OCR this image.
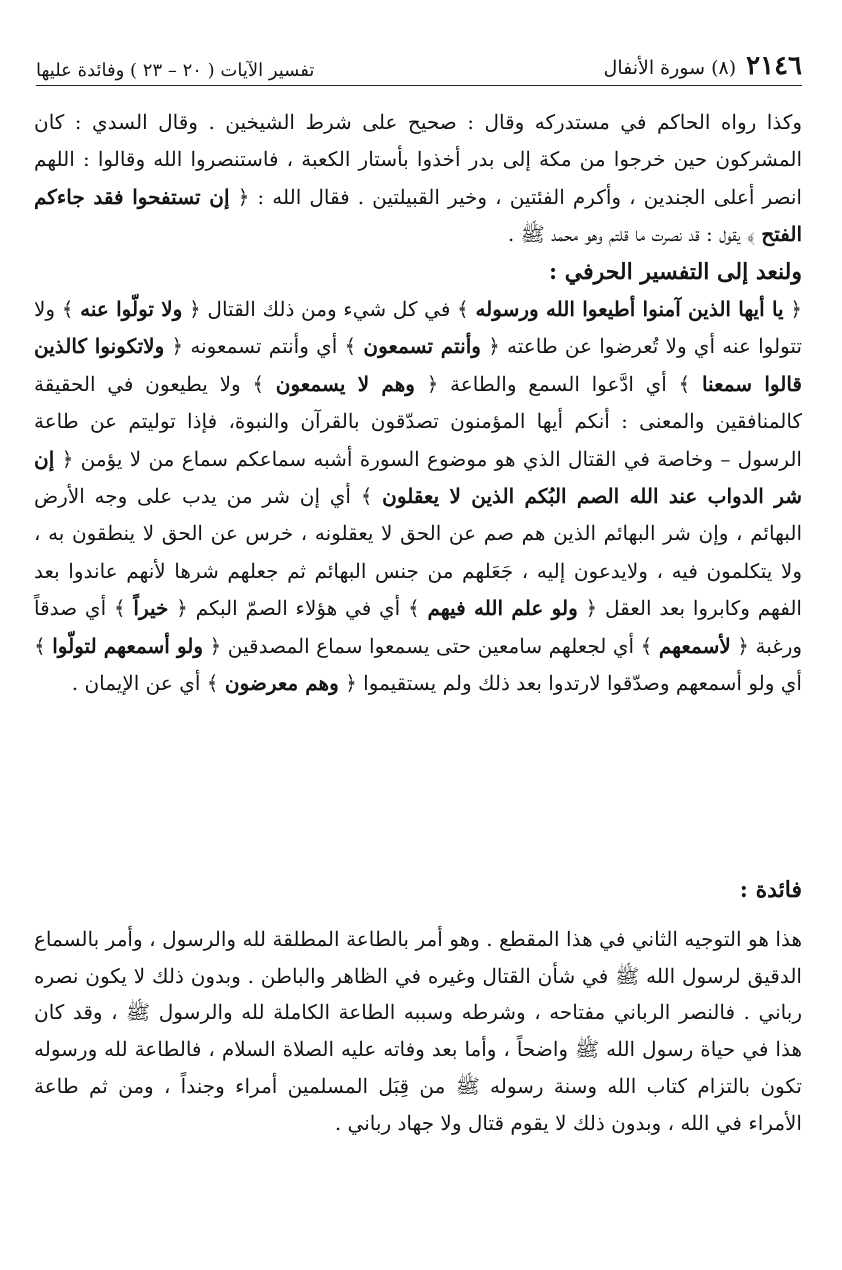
٢١٤٦
(٨) سورة الأنفال
تفسير الآيات ( ٢٠ – ٢٣ ) وفائدة عليها

وكذا رواه الحاكم في مستدركه وقال : صحيح على شرط الشيخين . وقال السدي : كان المشركون حين خرجوا من مكة إلى بدر أخذوا بأستار الكعبة ، فاستنصروا الله وقالوا : اللهم انصر أعلى الجندين ، وأكرم الفئتين ، وخير القبيلتين . فقال الله : ﴿ إن تستفحوا فقد جاءكم الفتح ﴾ يقول : قد نصرت ما قلتم وهو محمد ﷺ .

ولنعد إلى التفسير الحرفي :

﴿ يا أيها الذين آمنوا أطيعوا الله ورسوله ﴾ في كل شيء ومن ذلك القتال ﴿ ولا تولّوا عنه ﴾ ولا تتولوا عنه أي ولا تُعرضوا عن طاعته ﴿ وأنتم تسمعون ﴾ أي وأنتم تسمعونه ﴿ ولاتكونوا كالذين قالوا سمعنا ﴾ أي ادَّعوا السمع والطاعة ﴿ وهم لا يسمعون ﴾ ولا يطيعون في الحقيقة كالمنافقين والمعنى : أنكم أيها المؤمنون تصدّقون بالقرآن والنبوة، فإذا توليتم عن طاعة الرسول – وخاصة في القتال الذي هو موضوع السورة أشبه سماعكم سماع من لا يؤمن ﴿ إن شر الدواب عند الله الصم البُكم الذين لا يعقلون ﴾ أي إن شر من يدب على وجه الأرض البهائم ، وإن شر البهائم الذين هم صم عن الحق لا يعقلونه ، خرس عن الحق لا ينطقون به ، ولا يتكلمون فيه ، ولايدعون إليه ، جَعَلهم من جنس البهائم ثم جعلهم شرها لأنهم عاندوا بعد الفهم وكابروا بعد العقل ﴿ ولو علم الله فيهم ﴾ أي في هؤلاء الصمّ البكم ﴿ خيراً ﴾ أي صدقاً ورغبة ﴿ لأسمعهم ﴾ أي لجعلهم سامعين حتى يسمعوا سماع المصدقين ﴿ ولو أسمعهم لتولّوا ﴾ أي ولو أسمعهم وصدّقوا لارتدوا بعد ذلك ولم يستقيموا ﴿ وهم معرضون ﴾ أي عن الإيمان .

فائدة :

هذا هو التوجيه الثاني في هذا المقطع . وهو أمر بالطاعة المطلقة لله والرسول ، وأمر بالسماع الدقيق لرسول الله ﷺ في شأن القتال وغيره في الظاهر والباطن . وبدون ذلك لا يكون نصره رباني . فالنصر الرباني مفتاحه ، وشرطه وسببه الطاعة الكاملة لله والرسول ﷺ ، وقد كان هذا في حياة رسول الله ﷺ واضحاً ، وأما بعد وفاته عليه الصلاة السلام ، فالطاعة لله ورسوله تكون بالتزام كتاب الله وسنة رسوله ﷺ من قِبَل المسلمين أمراء وجنداً ، ومن ثم طاعة الأمراء في الله ، وبدون ذلك لا يقوم قتال ولا جهاد رباني .
